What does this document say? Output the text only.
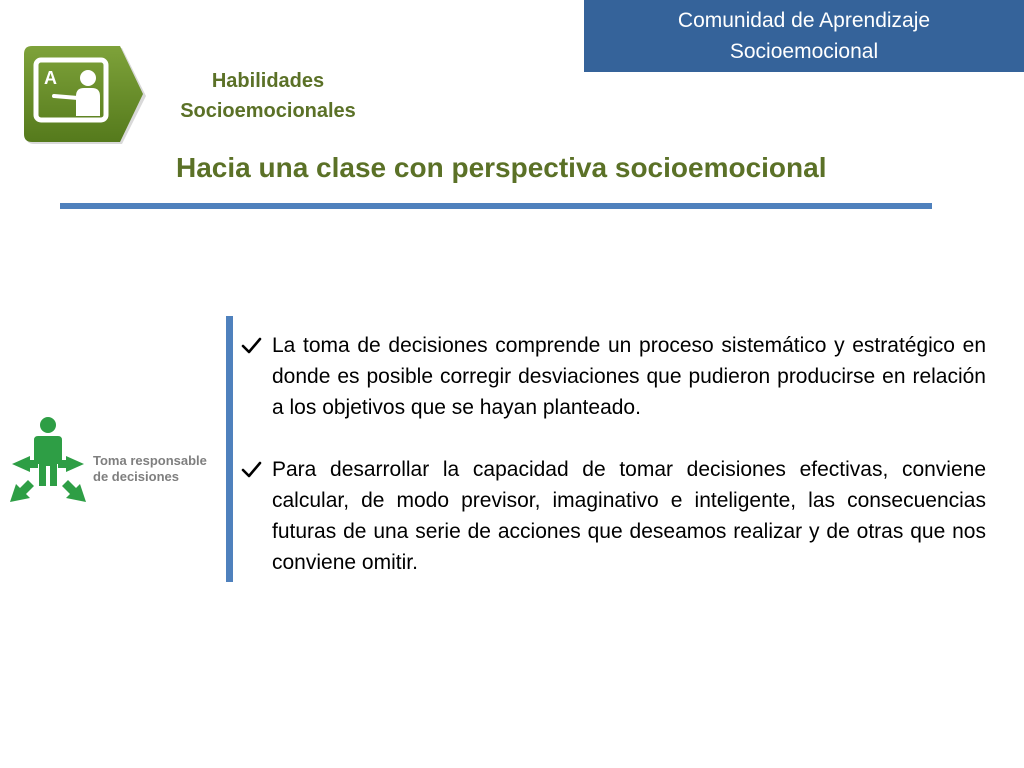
Comunidad de Aprendizaje
Socioemocional
A	Habilidades
Socioemocionales
Hacia una clase con perspectiva socioemocional
Toma responsable
de decisiones
La toma de decisiones comprende un proceso sistemático y estratégico en donde es posible corregir desviaciones que pudieron producirse en relación a los objetivos que se hayan planteado.
Para desarrollar la capacidad de tomar decisiones efectivas, conviene calcular, de modo previsor, imaginativo e inteligente, las consecuencias futuras de una serie de acciones que deseamos realizar y de otras que nos conviene omitir.
